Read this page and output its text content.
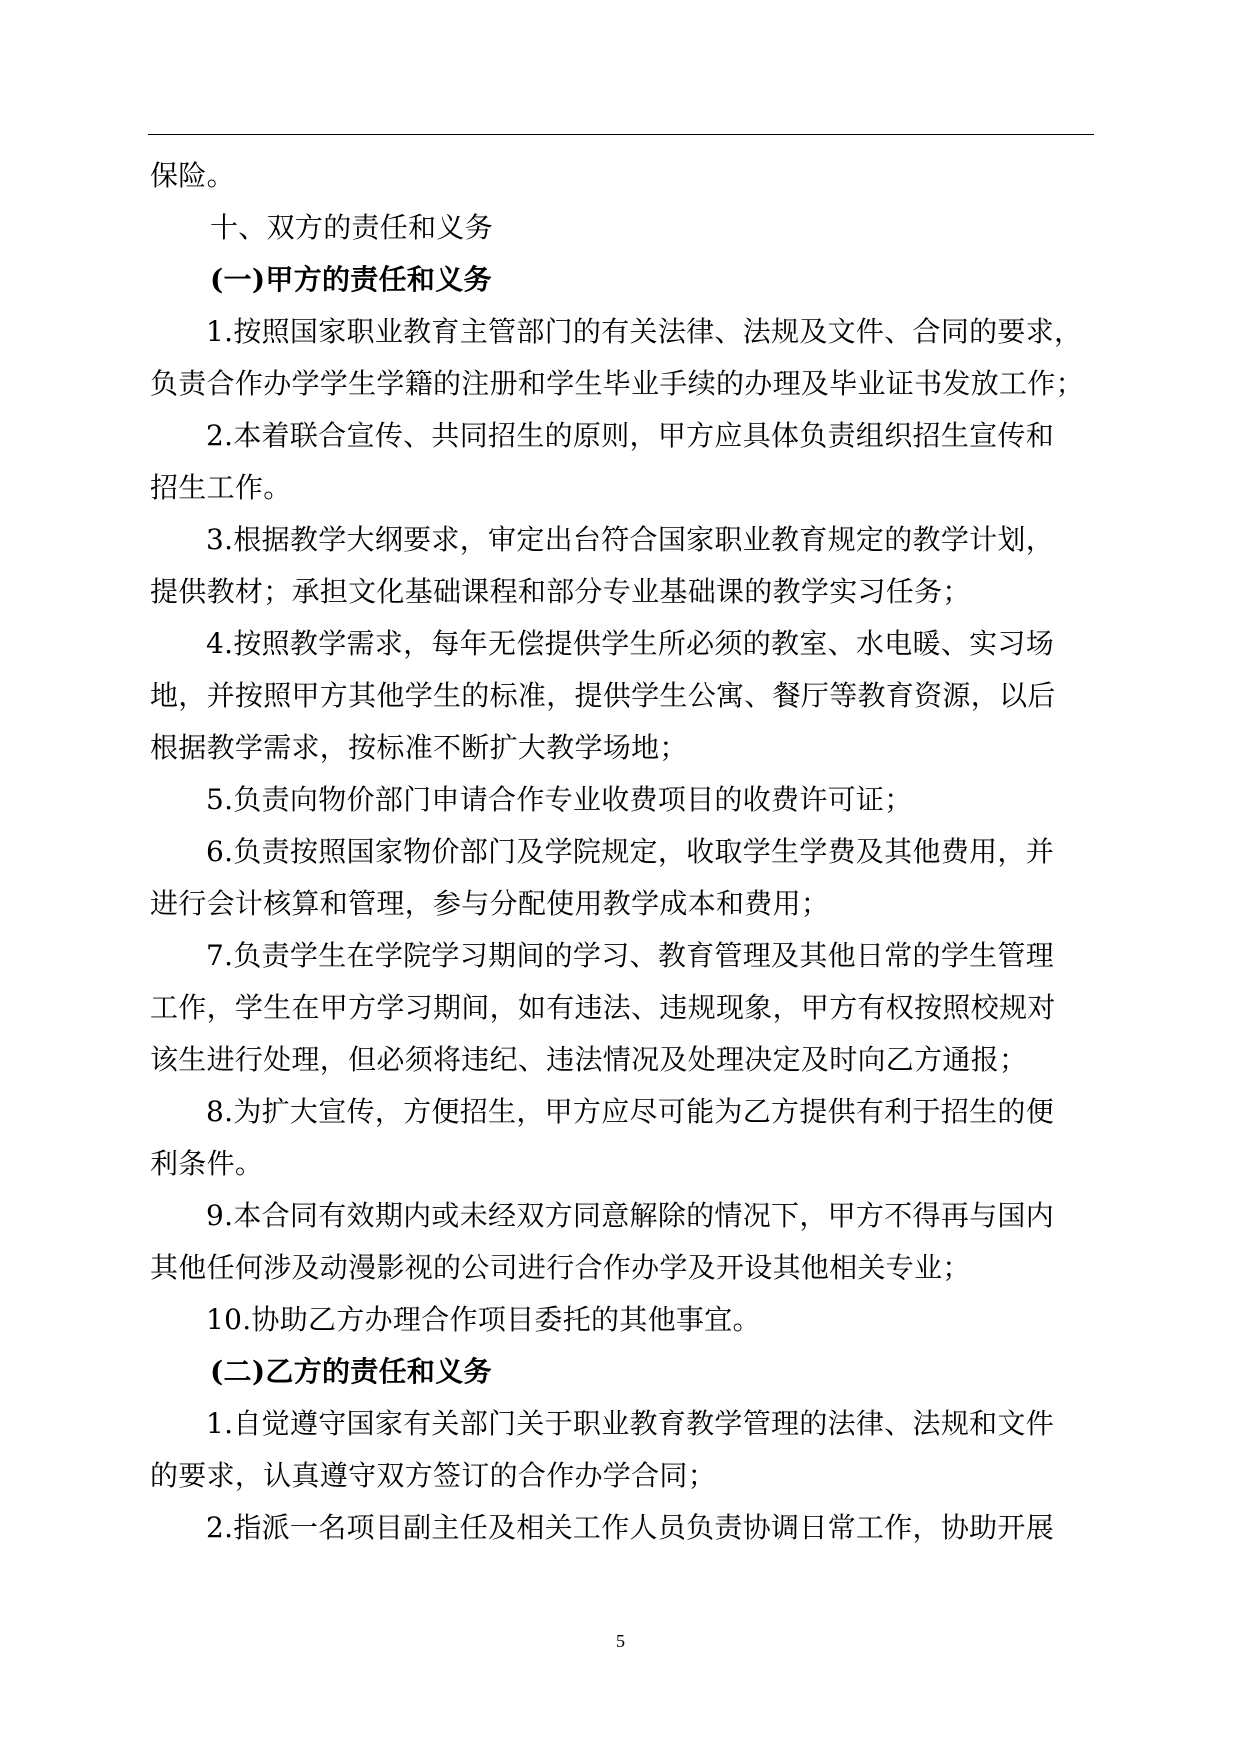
保险。
十、双方的责任和义务
(一)甲方的责任和义务
1.按照国家职业教育主管部门的有关法律、法规及文件、合同的要求，
负责合作办学学生学籍的注册和学生毕业手续的办理及毕业证书发放工作；
2.本着联合宣传、共同招生的原则，甲方应具体负责组织招生宣传和
招生工作。
3.根据教学大纲要求，审定出台符合国家职业教育规定的教学计划，
提供教材；承担文化基础课程和部分专业基础课的教学实习任务；
4.按照教学需求，每年无偿提供学生所必须的教室、水电暖、实习场
地，并按照甲方其他学生的标准，提供学生公寓、餐厅等教育资源，以后
根据教学需求，按标准不断扩大教学场地；
5.负责向物价部门申请合作专业收费项目的收费许可证；
6.负责按照国家物价部门及学院规定，收取学生学费及其他费用，并
进行会计核算和管理，参与分配使用教学成本和费用；
7.负责学生在学院学习期间的学习、教育管理及其他日常的学生管理
工作，学生在甲方学习期间，如有违法、违规现象，甲方有权按照校规对
该生进行处理，但必须将违纪、违法情况及处理决定及时向乙方通报；
8.为扩大宣传，方便招生，甲方应尽可能为乙方提供有利于招生的便
利条件。
9.本合同有效期内或未经双方同意解除的情况下，甲方不得再与国内
其他任何涉及动漫影视的公司进行合作办学及开设其他相关专业；
10.协助乙方办理合作项目委托的其他事宜。
(二)乙方的责任和义务
1.自觉遵守国家有关部门关于职业教育教学管理的法律、法规和文件
的要求，认真遵守双方签订的合作办学合同；
2.指派一名项目副主任及相关工作人员负责协调日常工作，协助开展
5
